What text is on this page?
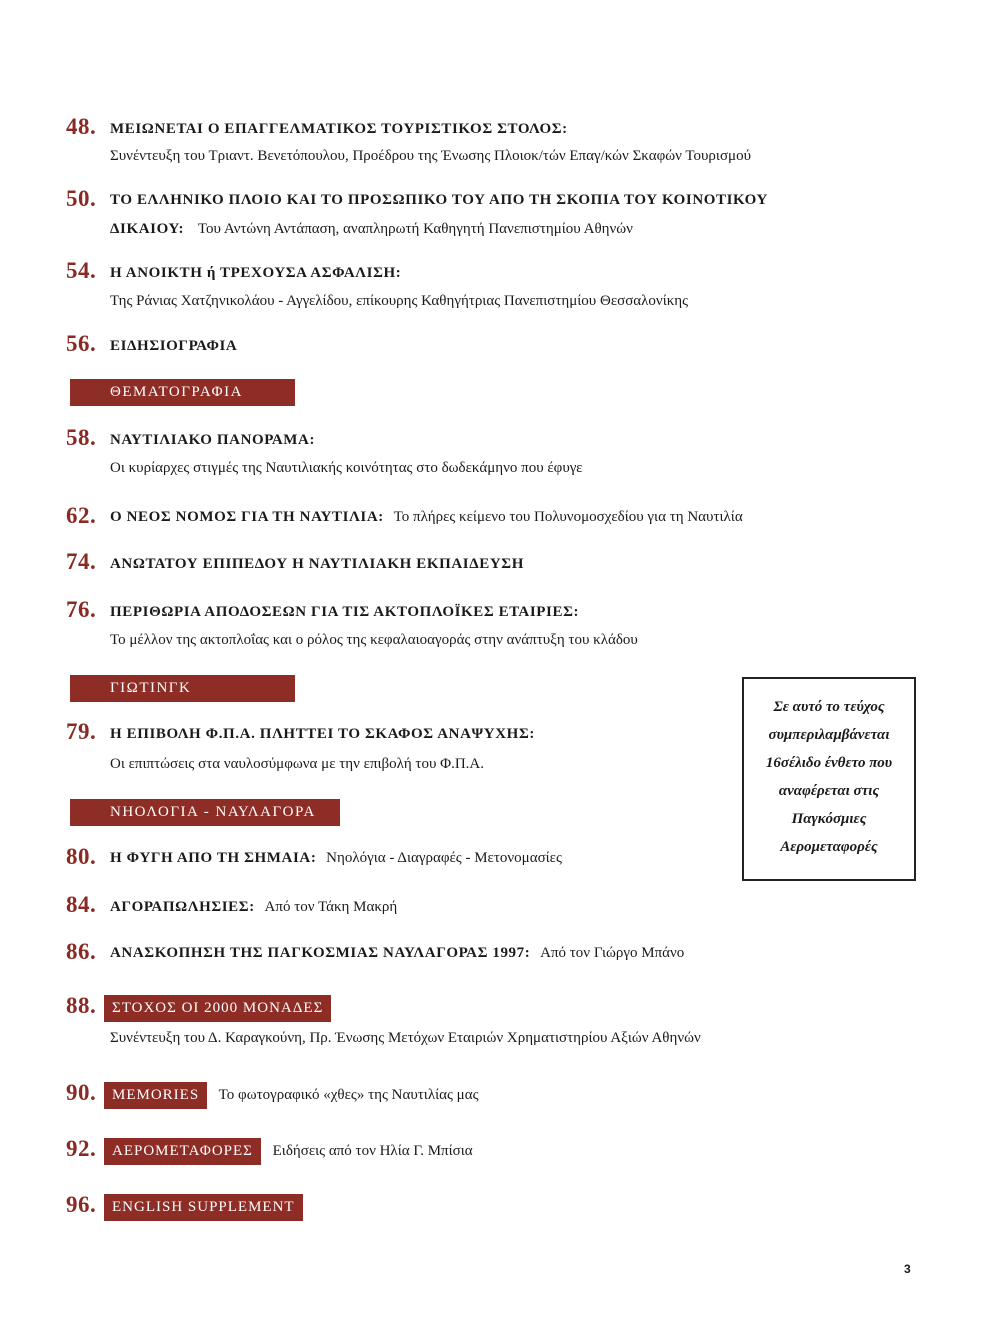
48. ΜΕΙΩΝΕΤΑΙ Ο ΕΠΑΓΓΕΛΜΑΤΙΚΟΣ ΤΟΥΡΙΣΤΙΚΟΣ ΣΤΟΛΟΣ:
Συνέντευξη του Τριαντ. Βενετόπουλου, Προέδρου της Ένωσης Πλοιοκ/τών Επαγ/κών Σκαφών Τουρισμού
50. ΤΟ ΕΛΛΗΝΙΚΟ ΠΛΟΙΟ ΚΑΙ ΤΟ ΠΡΟΣΩΠΙΚΟ ΤΟΥ ΑΠΟ ΤΗ ΣΚΟΠΙΑ ΤΟΥ ΚΟΙΝΟΤΙΚΟΥ
ΔΙΚΑΙΟΥ: Του Αντώνη Αντάπαση, αναπληρωτή Καθηγητή Πανεπιστημίου Αθηνών
54. Η ΑΝΟΙΚΤΗ ή ΤΡΕΧΟΥΣΑ ΑΣΦΑΛΙΣΗ:
Της Ράνιας Χατζηνικολάου - Αγγελίδου, επίκουρης Καθηγήτριας Πανεπιστημίου Θεσσαλονίκης
56. ΕΙΔΗΣΙΟΓΡΑΦΙΑ
ΘΕΜΑΤΟΓΡΑΦΙΑ
58. ΝΑΥΤΙΛΙΑΚΟ ΠΑΝΟΡΑΜΑ:
Οι κυρίαρχες στιγμές της Ναυτιλιακής κοινότητας στο δωδεκάμηνο που έφυγε
62. Ο ΝΕΟΣ ΝΟΜΟΣ ΓΙΑ ΤΗ ΝΑΥΤΙΛΙΑ: Το πλήρες κείμενο του Πολυνομοσχεδίου για τη Ναυτιλία
74. ΑΝΩΤΑΤΟΥ ΕΠΙΠΕΔΟΥ Η ΝΑΥΤΙΛΙΑΚΗ ΕΚΠΑΙΔΕΥΣΗ
76. ΠΕΡΙΘΩΡΙΑ ΑΠΟΔΟΣΕΩΝ ΓΙΑ ΤΙΣ ΑΚΤΟΠΛΟΪΚΕΣ ΕΤΑΙΡΙΕΣ:
Το μέλλον της ακτοπλοΐας και ο ρόλος της κεφαλαιοαγοράς στην ανάπτυξη του κλάδου
ΓΙΩΤΙΝΓΚ
79. Η ΕΠΙΒΟΛΗ Φ.Π.Α. ΠΛΗΤΤΕΙ ΤΟ ΣΚΑΦΟΣ ΑΝΑΨΥΧΗΣ:
Οι επιπτώσεις στα ναυλοσύμφωνα με την επιβολή του Φ.Π.Α.
ΝΗΟΛΟΓΙΑ - ΝΑΥΛΑΓΟΡΑ
80. Η ΦΥΓΗ ΑΠΟ ΤΗ ΣΗΜΑΙΑ: Νηολόγια - Διαγραφές - Μετονομασίες
84. ΑΓΟΡΑΠΩΛΗΣΙΕΣ: Από τον Τάκη Μακρή
86. ΑΝΑΣΚΟΠΗΣΗ ΤΗΣ ΠΑΓΚΟΣΜΙΑΣ ΝΑΥΛΑΓΟΡΑΣ 1997: Από τον Γιώργο Μπάνο
88.	ΣΤΟΧΟΣ ΟΙ 2000 ΜΟΝΑΔΕΣ
Συνέντευξη του Δ. Καραγκούνη, Πρ. Ένωσης Μετόχων Εταιριών Χρηματιστηρίου Αξιών Αθηνών
90.	MEMORIES Το φωτογραφικό «χθες» της Ναυτιλίας μας
92.	ΑΕΡΟΜΕΤΑΦΟΡΕΣ Ειδήσεις από τον Ηλία Γ. Μπίσια
96.	ENGLISH SUPPLEMENT
Σε αυτό το τεύχος
συμπεριλαμβάνεται
16σέλιδο ένθετο που
αναφέρεται στις
Παγκόσμιες
Αερομεταφορές
3
